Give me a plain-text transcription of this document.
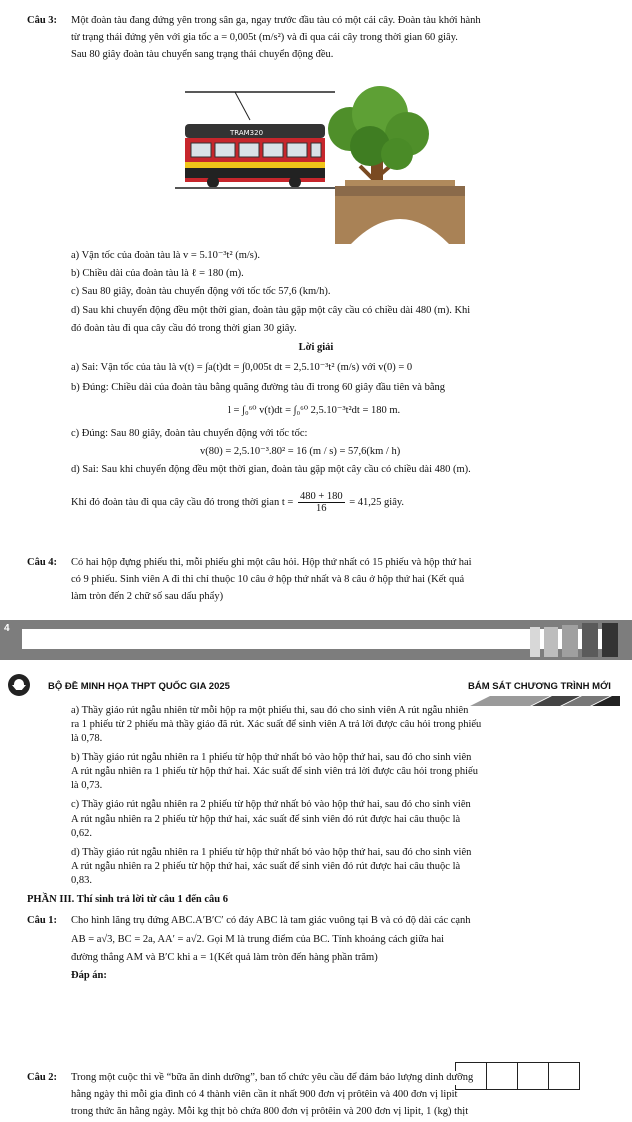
Câu 3: Một đoàn tàu đang đứng yên trong sân ga, ngay trước đầu tàu có một cái cây. Đoàn tàu khởi hành
từ trạng thái đứng yên với gia tốc a = 0,005t (m/s²) và đi qua cái cây trong thời gian 60 giây.
Sau 80 giây đoàn tàu chuyển sang trạng thái chuyển động đều.
TRAM320
a) Vận tốc của đoàn tàu là v = 5.10⁻³t² (m/s).
b) Chiều dài của đoàn tàu là ℓ = 180 (m).
c) Sau 80 giây, đoàn tàu chuyển động với tốc tốc 57,6 (km/h).
d) Sau khi chuyển động đều một thời gian, đoàn tàu gặp một cây cầu có chiều dài 480 (m). Khi
đó đoàn tàu đi qua cây cầu đó trong thời gian 30 giây.
Lời giải
a) Sai: Vận tốc của tàu là v(t) = ∫a(t)dt = ∫0,005t dt = 2,5.10⁻³t² (m/s) với v(0) = 0
b) Đúng: Chiều dài của đoàn tàu bằng quãng đường tàu đi trong 60 giây đầu tiên và bằng
l = ∫₀⁶⁰ v(t)dt = ∫₀⁶⁰ 2,5.10⁻³t²dt = 180 m.
c) Đúng: Sau 80 giây, đoàn tàu chuyển động với tốc tốc:
v(80) = 2,5.10⁻³.80² = 16 (m / s) = 57,6(km / h)
d) Sai: Sau khi chuyển động đều một thời gian, đoàn tàu gặp một cây cầu có chiều dài 480 (m).
Khi đó đoàn tàu đi qua cây cầu đó trong thời gian $t = \frac{480 + 180}{16} = 41,25$ giây.
Câu 4: Có hai hộp đựng phiếu thi, mỗi phiếu ghi một câu hỏi. Hộp thứ nhất có 15 phiếu và hộp thứ hai
có 9 phiếu. Sinh viên A đi thi chỉ thuộc 10 câu ở hộp thứ nhất và 8 câu ở hộp thứ hai (Kết quả
làm tròn đến 2 chữ số sau dấu phẩy)
4
BỘ ĐỀ MINH HỌA THPT QUỐC GIA 2025	BÁM SÁT CHƯƠNG TRÌNH MỚI
a) Thầy giáo rút ngẫu nhiên từ mỗi hộp ra một phiếu thi, sau đó cho sinh viên A rút ngẫu nhiên
ra 1 phiếu từ 2 phiếu mà thầy giáo đã rút. Xác suất để sinh viên A trả lời được câu hỏi trong phiếu
là 0,78.
b) Thầy giáo rút ngẫu nhiên ra 1 phiếu từ hộp thứ nhất bỏ vào hộp thứ hai, sau đó cho sinh viên
A rút ngẫu nhiên ra 1 phiếu từ hộp thứ hai. Xác suất để sinh viên trả lời được câu hỏi trong phiếu
là 0,73.
c) Thầy giáo rút ngẫu nhiên ra 2 phiếu từ hộp thứ nhất bỏ vào hộp thứ hai, sau đó cho sinh viên
A rút ngẫu nhiên ra 2 phiếu từ hộp thứ hai, xác suất để sinh viên đó rút được hai câu thuộc là
0,62.
d) Thầy giáo rút ngẫu nhiên ra 1 phiếu từ hộp thứ nhất bỏ vào hộp thứ hai, sau đó cho sinh viên
A rút ngẫu nhiên ra 2 phiếu từ hộp thứ hai, xác suất để sinh viên đó rút được hai câu thuộc là
0,83.
PHẦN III. Thí sinh trả lời từ câu 1 đến câu 6
Câu 1: Cho hình lăng trụ đứng ABC.A′B′C′ có đáy ABC là tam giác vuông tại B và có độ dài các cạnh
AB = a√3, BC = 2a, AA′ = a√2. Gọi M là trung điểm của BC. Tính khoảng cách giữa hai
đường thẳng AM và B′C khi a = 1(Kết quả làm tròn đến hàng phần trăm)
Đáp án:
Câu 2: Trong một cuộc thi về “bữa ăn dinh dưỡng”, ban tổ chức yêu cầu để đảm bảo lượng dinh dưỡng
hằng ngày thì mỗi gia đình có 4 thành viên cần ít nhất 900 đơn vị prôtêin và 400 đơn vị lipit
trong thức ăn hằng ngày. Mỗi kg thịt bò chứa 800 đơn vị prôtêin và 200 đơn vị lipit, 1 (kg) thịt
